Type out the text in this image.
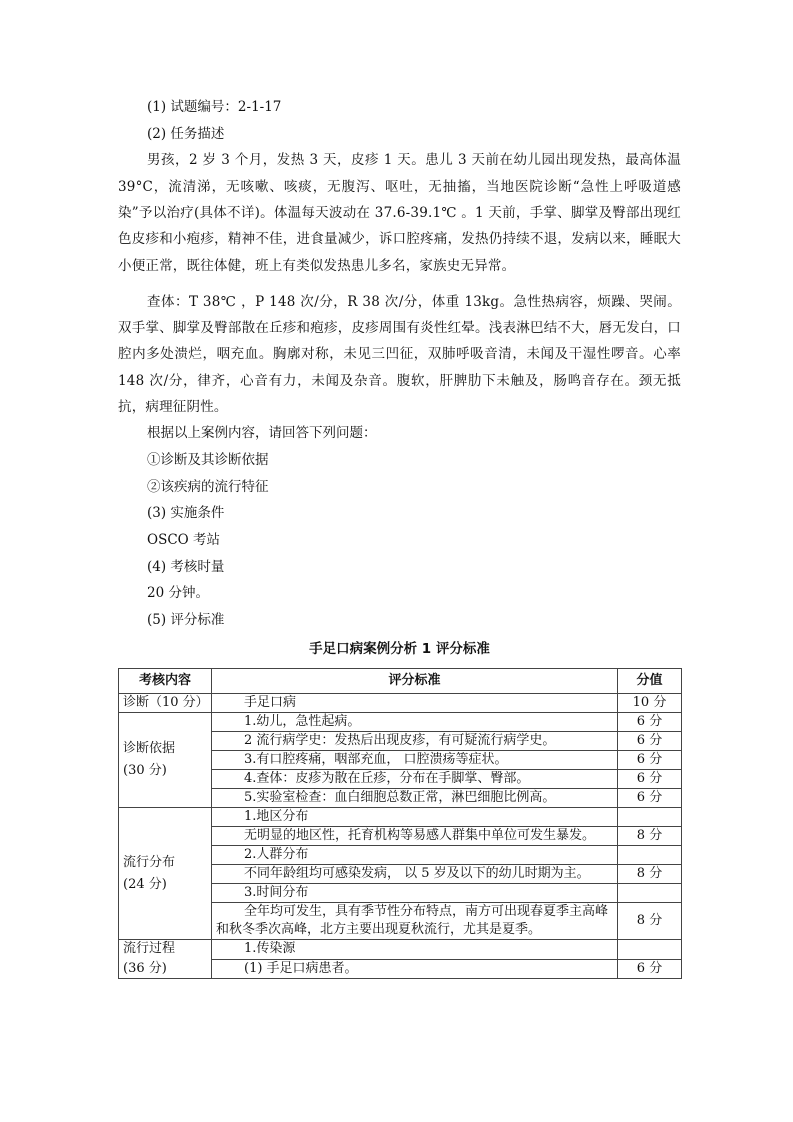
(1) 试题编号：2-1-17
(2) 任务描述
男孩，2 岁 3 个月，发热 3 天，皮疹 1 天。患儿 3 天前在幼儿园出现发热，最高体温 39°C，流清涕，无咳嗽、咳痰，无腹泻、呕吐，无抽搐，当地医院诊断“急性上呼吸道感染”予以治疗(具体不详)。体温每天波动在 37.6-39.1℃ 。1 天前，手掌、脚掌及臀部出现红色皮疹和小疱疹，精神不佳，进食量减少，诉口腔疼痛，发热仍持续不退，发病以来，睡眠大小便正常，既往体健，班上有类似发热患儿多名，家族史无异常。
查体：T 38℃ ，P 148 次/分，R 38 次/分，体重 13kg。急性热病容，烦躁、哭闹。双手掌、脚掌及臀部散在丘疹和疱疹，皮疹周围有炎性红晕。浅表淋巴结不大，唇无发白，口腔内多处溃烂，咽充血。胸廓对称，未见三凹征，双肺呼吸音清，未闻及干湿性啰音。心率148 次/分，律齐，心音有力，未闻及杂音。腹软，肝脾肋下未触及，肠鸣音存在。颈无抵抗，病理征阴性。
根据以上案例内容，请回答下列问题：
①诊断及其诊断依据
②该疾病的流行特征
(3) 实施条件
OSCO 考站
(4) 考核时量
20 分钟。
(5) 评分标准
手足口病案例分析 1 评分标准
考核内容	评分标准	分值
诊断（10 分）	手足口病	10 分

诊断依据
(30 分)	1.幼儿，急性起病。	6 分
	2 流行病学史：发热后出现皮疹，有可疑流行病学史。	6 分
	3.有口腔疼痛，咽部充血， 口腔溃疡等症状。	6 分
	4.查体：皮疹为散在丘疹，分布在手脚掌、臀部。	6 分
	5.实验室检查：血白细胞总数正常，淋巴细胞比例高。	6 分

流行分布
(24 分)	1.地区分布	
	无明显的地区性，托育机构等易感人群集中单位可发生暴发。	8 分
	2.人群分布	
	不同年龄组均可感染发病， 以 5 岁及以下的幼儿时期为主。	8 分
	3.时间分布	
	全年均可发生，具有季节性分布特点，南方可出现春夏季主高峰和秋冬季次高峰，北方主要出现夏秋流行，尤其是夏季。	8 分

流行过程
(36 分)	1.传染源	
	(1) 手足口病患者。	6 分
